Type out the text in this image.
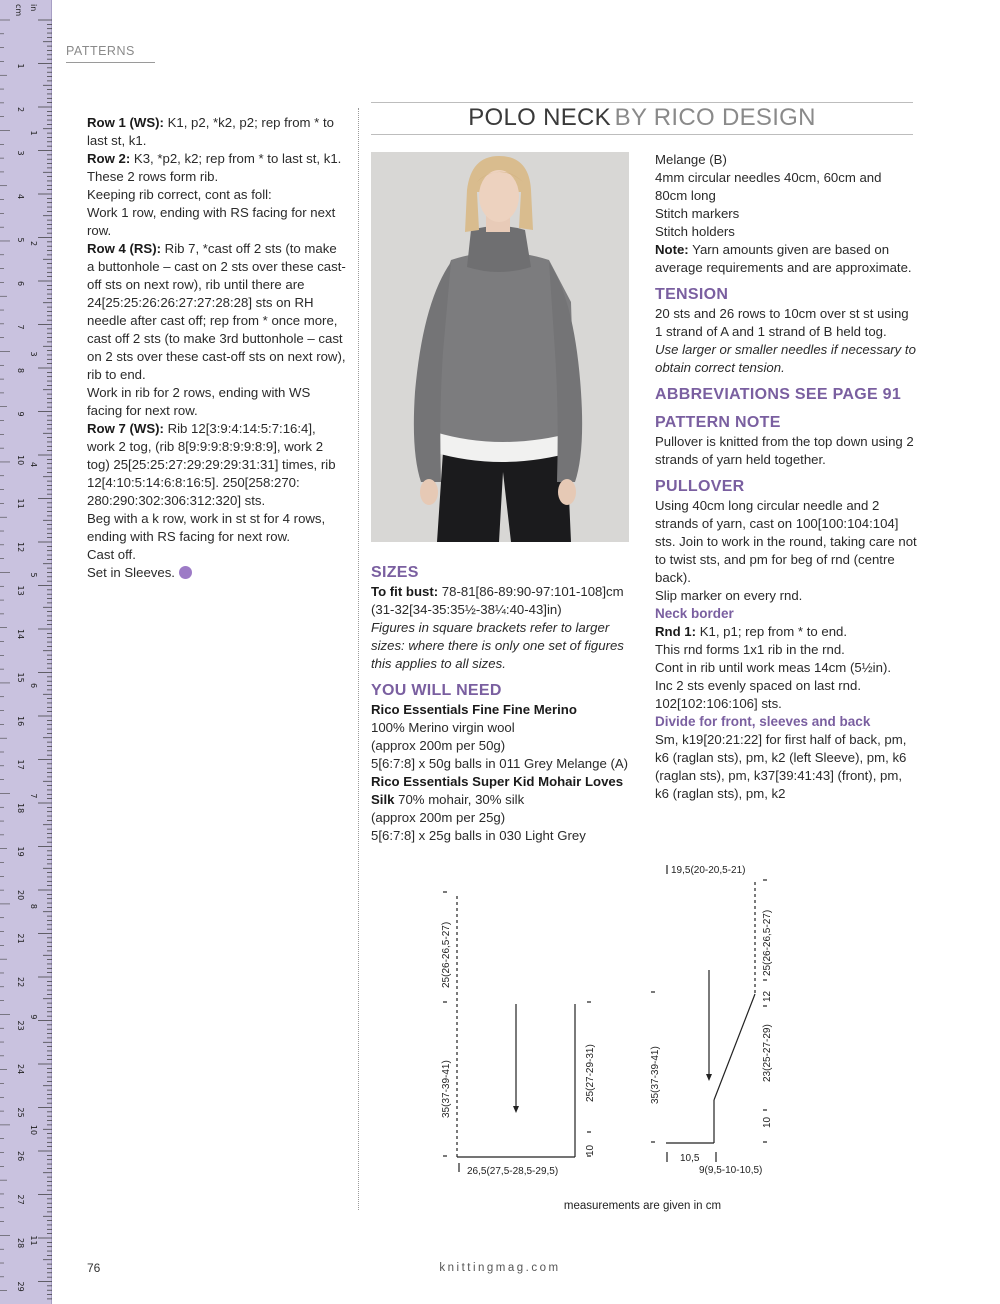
1
2
3
4
5
6
7
8
9
10
11
12
13
14
15
16
17
18
19
20
21
22
23
24
25
26
27
28
29
cm
1
2
3
4
5
6
7
8
9
10
11
in
PATTERNS

Row 1 (WS): K1, p2, *k2, p2; rep from * to last st, k1.

Row 2: K3, *p2, k2; rep from * to last st, k1.

These 2 rows form rib.

Keeping rib correct, cont as foll:

Work 1 row, ending with RS facing for next row.

Row 4 (RS): Rib 7, *cast off 2 sts (to make a buttonhole – cast on 2 sts over these cast-off sts on next row), rib until there are 24[25:25:26:26:27:27:28:28] sts on RH needle after cast off; rep from * once more, cast off 2 sts (to make 3rd buttonhole – cast on 2 sts over these cast-off sts on next row), rib to end.

Work in rib for 2 rows, ending with WS facing for next row.

Row 7 (WS): Rib 12[3:9:4:14:5:7:16:4], work 2 tog, (rib 8[9:9:9:8:9:9:8:9], work 2 tog) 25[25:25:27:29:29:29:31:31] times, rib 12[4:10:5:14:6:8:16:5]. 250[258:270: 280:290:302:306:312:320] sts.

Beg with a k row, work in st st for 4 rows, ending with RS facing for next row.

Cast off.

Set in Sleeves.

POLO NECK BY RICO DESIGN
SIZES

To fit bust: 78-81[86-89:90-97:101-108]cm (31-32[34-35:35½-38¼:40-43]in)

Figures in square brackets refer to larger sizes: where there is only one set of figures this applies to all sizes.

YOU WILL NEED

Rico Essentials Fine Fine Merino

100% Merino virgin wool

(approx 200m per 50g)

5[6:7:8] x 50g balls in 011 Grey Melange (A)

Rico Essentials Super Kid Mohair Loves Silk 70% mohair, 30% silk

(approx 200m per 25g)

5[6:7:8] x 25g balls in 030 Light Grey

Melange (B)

4mm circular needles 40cm, 60cm and 80cm long

Stitch markers

Stitch holders

Note: Yarn amounts given are based on average requirements and are approximate.

TENSION

20 sts and 26 rows to 10cm over st st using 1 strand of A and 1 strand of B held tog.

Use larger or smaller needles if necessary to obtain correct tension.

ABBREVIATIONS SEE PAGE 91
PATTERN NOTE

Pullover is knitted from the top down using 2 strands of yarn held together.

PULLOVER

Using 40cm long circular needle and 2 strands of yarn, cast on 100[100:104:104] sts. Join to work in the round, taking care not to twist sts, and pm for beg of rnd (centre back).

Slip marker on every rnd.

Neck border

Rnd 1: K1, p1; rep from * to end.

This rnd forms 1x1 rib in the rnd.

Cont in rib until work meas 14cm (5½in).

Inc 2 sts evenly spaced on last rnd. 102[102:106:106] sts.

Divide for front, sleeves and back

Sm, k19[20:21:22] for first half of back, pm, k6 (raglan sts), pm, k2 (left Sleeve), pm, k6 (raglan sts), pm, k37[39:41:43] (front), pm, k6 (raglan sts), pm, k2

25(26-26,5-27)
35(37-39-41)	25(27-29-31)
10
26,5(27,5-28,5-29,5)
19,5(20-20,5-21)
25(26-26,5-27)
12
23(25-27-29)
10
35(37-39-41)
10,5
9(9,5-10-10,5)
measurements are given in cm
76	knittingmag.com
